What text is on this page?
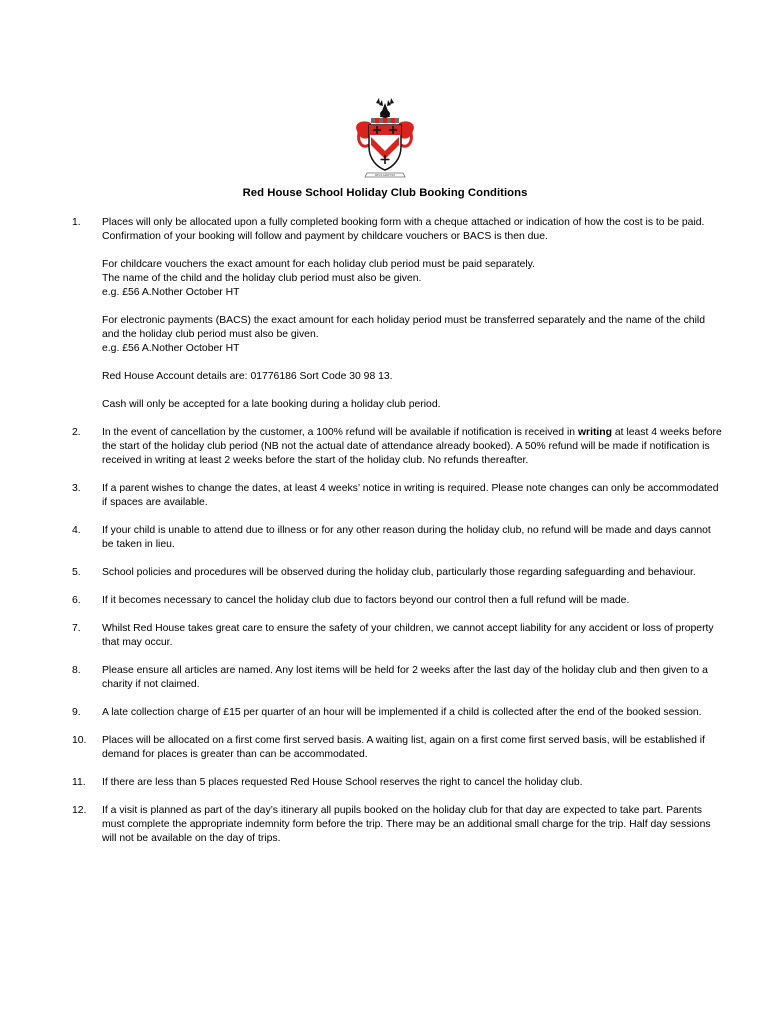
DEUS ADJUVAT
Red House School Holiday Club Booking Conditions
1.	Places will only be allocated upon a fully completed booking form with a cheque attached or indication of how the cost is to be paid. Confirmation of your booking will follow and payment by childcare vouchers or BACS is then due.

For childcare vouchers the exact amount for each holiday club period must be paid separately.
The name of the child and the holiday club period must also be given.
e.g. £56 A.Nother October HT

For electronic payments (BACS) the exact amount for each holiday period must be transferred separately and the name of the child and the holiday club period must also be given.
e.g. £56 A.Nother October HT

Red House Account details are: 01776186 Sort Code 30 98 13.

Cash will only be accepted for a late booking during a holiday club period.

2.	In the event of cancellation by the customer, a 100% refund will be available if notification is received in writing at least 4 weeks before the start of the holiday club period (NB not the actual date of attendance already booked). A 50% refund will be made if notification is received in writing at least 2 weeks before the start of the holiday club. No refunds thereafter.
3.	If a parent wishes to change the dates, at least 4 weeks’ notice in writing is required. Please note changes can only be accommodated if spaces are available.
4.	If your child is unable to attend due to illness or for any other reason during the holiday club, no refund will be made and days cannot be taken in lieu.
5.	School policies and procedures will be observed during the holiday club, particularly those regarding safeguarding and behaviour.
6.	If it becomes necessary to cancel the holiday club due to factors beyond our control then a full refund will be made.
7.	Whilst Red House takes great care to ensure the safety of your children, we cannot accept liability for any accident or loss of property that may occur.
8.	Please ensure all articles are named. Any lost items will be held for 2 weeks after the last day of the holiday club and then given to a charity if not claimed.
9.	A late collection charge of £15 per quarter of an hour will be implemented if a child is collected after the end of the booked session.
10.	Places will be allocated on a first come first served basis. A waiting list, again on a first come first served basis, will be established if demand for places is greater than can be accommodated.
11.	If there are less than 5 places requested Red House School reserves the right to cancel the holiday club.
12.	If a visit is planned as part of the day’s itinerary all pupils booked on the holiday club for that day are expected to take part. Parents must complete the appropriate indemnity form before the trip. There may be an additional small charge for the trip. Half day sessions will not be available on the day of trips.
